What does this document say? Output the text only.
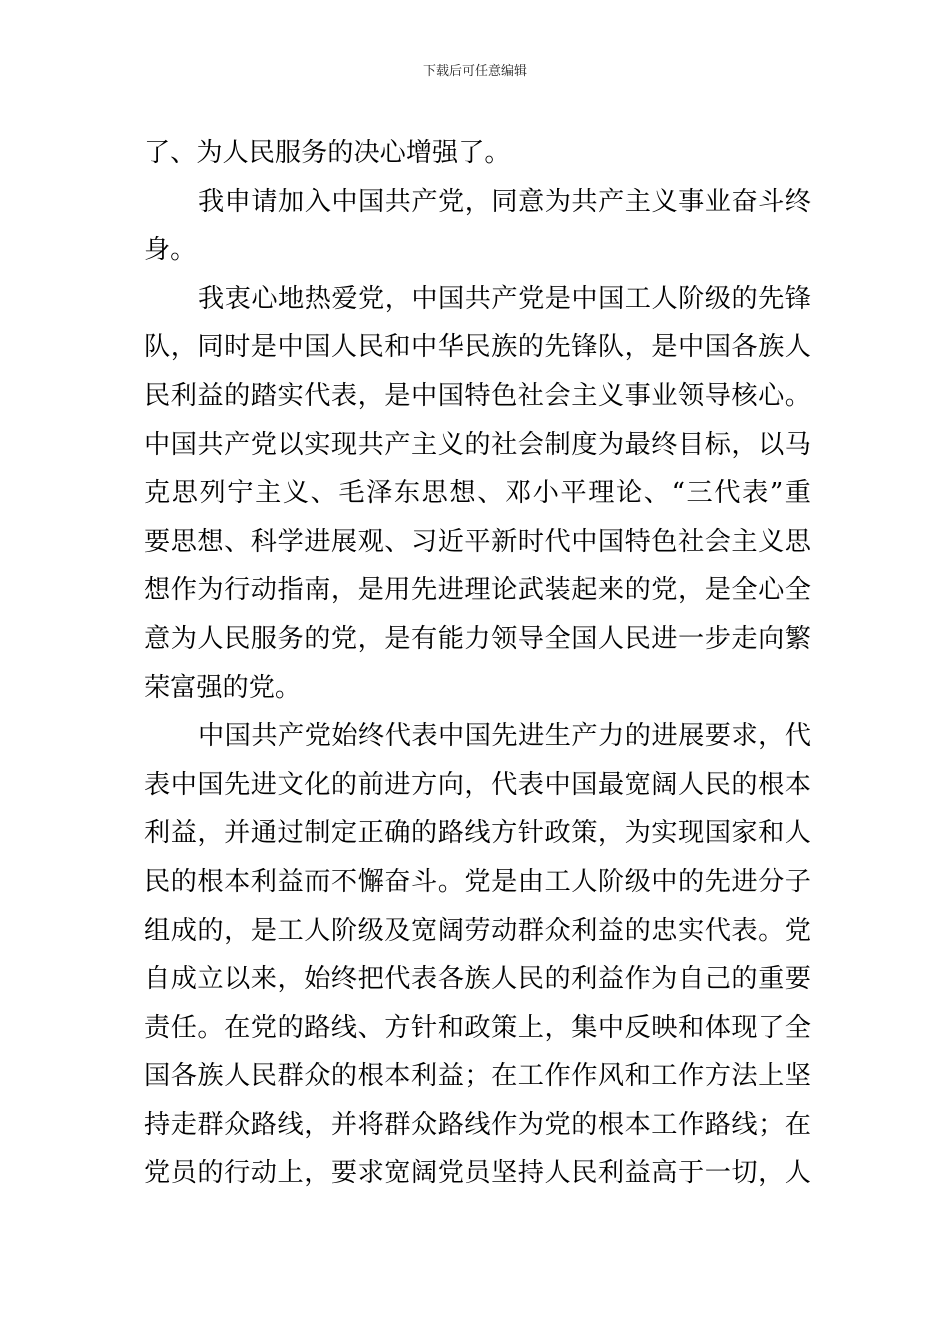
下载后可任意编辑
了、为人民服务的决心增强了。
我申请加入中国共产党，同意为共产主义事业奋斗终
身。
我衷心地热爱党，中国共产党是中国工人阶级的先锋
队，同时是中国人民和中华民族的先锋队，是中国各族人
民利益的踏实代表，是中国特色社会主义事业领导核心。
中国共产党以实现共产主义的社会制度为最终目标，以马
克思列宁主义、毛泽东思想、邓小平理论、“三代表”重
要思想、科学进展观、习近平新时代中国特色社会主义思
想作为行动指南，是用先进理论武装起来的党，是全心全
意为人民服务的党，是有能力领导全国人民进一步走向繁
荣富强的党。
中国共产党始终代表中国先进生产力的进展要求，代
表中国先进文化的前进方向，代表中国最宽阔人民的根本
利益，并通过制定正确的路线方针政策，为实现国家和人
民的根本利益而不懈奋斗。党是由工人阶级中的先进分子
组成的，是工人阶级及宽阔劳动群众利益的忠实代表。党
自成立以来，始终把代表各族人民的利益作为自己的重要
责任。在党的路线、方针和政策上，集中反映和体现了全
国各族人民群众的根本利益；在工作作风和工作方法上坚
持走群众路线，并将群众路线作为党的根本工作路线；在
党员的行动上，要求宽阔党员坚持人民利益高于一切，人
